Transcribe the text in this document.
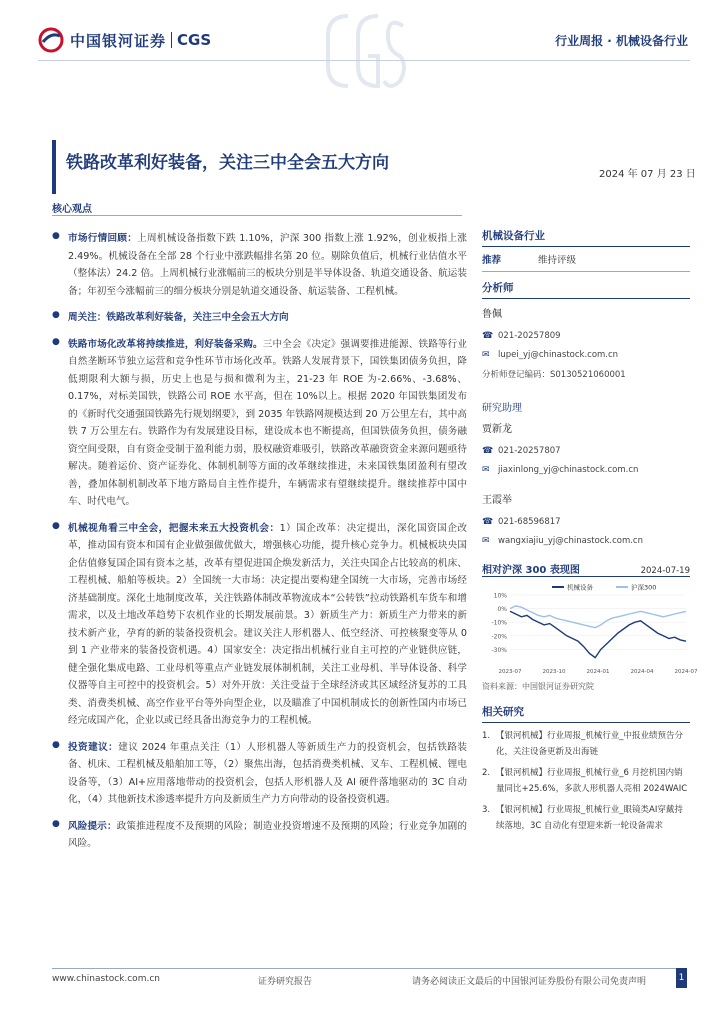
中国银河证券 CGS	行业周报 · 机械设备行业
铁路改革利好装备，关注三中全会五大方向
2024 年 07 月 23 日
核心观点
● 市场行情回顾：上周机械设备指数下跌 1.10%，沪深 300 指数上涨 1.92%，创业板指上涨 2.49%。机械设备在全部 28 个行业中涨跌幅排名第 20 位。剔除负值后，机械行业估值水平（整体法）24.2 倍。上周机械行业涨幅前三的板块分别是半导体设备、轨道交通设备、航运装备；年初至今涨幅前三的细分板块分别是轨道交通设备、航运装备、工程机械。
● 周关注：铁路改革利好装备，关注三中全会五大方向
● 铁路市场化改革将持续推进，利好装备采购。三中全会《决定》强调要推进能源、铁路等行业自然垄断环节独立运营和竞争性环节市场化改革。铁路人发展背景下，国铁集团债务负担，降低期限利大额与损，历史上也是与损和微利为主，21-23 年 ROE 为-2.66%、-3.68%、0.17%，对标美国铁，铁路公司 ROE 水平高，但在 10%以上。根据 2020 年国铁集团发布的《新时代交通强国铁路先行规划纲要》，到 2035 年铁路网规模达到 20 万公里左右，其中高铁 7 万公里左右。铁路作为有发展建设目标，建设成本也不断提高，但国铁债务负担，债务融资空间受限，自有资金受制于盈利能力弱，股权融资难吸引，铁路改革融资资金来源问题亟待解决。随着运价、资产证券化、体制机制等方面的改革继续推进，未来国铁集团盈利有望改善，叠加体制机制改革下地方路局自主性作提升，车辆需求有望继续提升。继续推荐中国中车、时代电气。
● 机械视角看三中全会，把握未来五大投资机会：1）国企改革：决定提出，深化国资国企改革，推动国有资本和国有企业做强做优做大，增强核心功能，提升核心竞争力。机械板块央国企估值修复国企国有资本之基，改革有望促进国企焕发新活力，关注央国企占比较高的机床、工程机械、船舶等板块。2）全国统一大市场：决定提出要构建全国统一大市场，完善市场经济基础制度。深化土地制度改革，关注铁路体制改革物流成本“公转铁”拉动铁路机车货车和增需求，以及土地改革趋势下农机作业的长期发展前景。3）新质生产力：新质生产力带来的新技术新产业，孕育的新的装备投资机会。建议关注人形机器人、低空经济、可控核聚变等从 0 到 1 产业带来的装备投资机遇。4）国家安全：决定指出机械行业自主可控的产业链供应链，健全强化集成电路、工业母机等重点产业链发展体制机制，关注工业母机、半导体设备、科学仪器等自主可控中的投资机会。5）对外开放：关注受益于全球经济或其区域经济复苏的工具类、消费类机械、高空作业平台等外向型企业，以及瞄准了中国机制成长的创新性国内市场已经完成国产化，企业以或已经具备出海竞争力的工程机械。
● 投资建议：建议 2024 年重点关注（1）人形机器人等新质生产力的投资机会，包括铁路装备、机床、工程机械及船舶加工等，（2）聚焦出海，包括消费类机械、叉车、工程机械、锂电设备等，（3）AI+应用落地带动的投资机会，包括人形机器人及 AI 硬件落地驱动的 3C 自动化，（4）其他新技术渗透率提升方向及新质生产力方向带动的设备投资机遇。
● 风险提示：政策推进程度不及预期的风险；制造业投资增速不及预期的风险；行业竞争加剧的风险。
机械设备行业
推荐	维持评级
分析师
鲁佩
☎ 021-20257809
✉ lupei_yj@chinastock.com.cn
分析师登记编码：S0130521060001
研究助理
贾新龙
☎ 021-20257807
✉ jiaxinlong_yj@chinastock.com.cn
王霞举
☎ 021-68596817
✉ wangxiajiu_yj@chinastock.com.cn
相对沪深 300 表现图	2024-07-19
10%
0%
-10%
-20%
-30%
2023-07	2023-10	2024-01	2024-04	2024-07
机械设备	沪深300
资料来源：中国银河证券研究院
相关研究
1. 【银河机械】行业周报_机械行业_中报业绩预告分化，关注设备更新及出海链
2. 【银河机械】行业周报_机械行业_6 月挖机国内销量同比+25.6%，多款人形机器人亮相 2024WAIC
3. 【银河机械】行业周报_机械行业_眼镜类AI穿戴持续落地，3C 自动化有望迎来新一轮设备需求
www.chinastock.com.cn	证券研究报告	请务必阅读正文最后的中国银河证券股份有限公司免责声明	1
